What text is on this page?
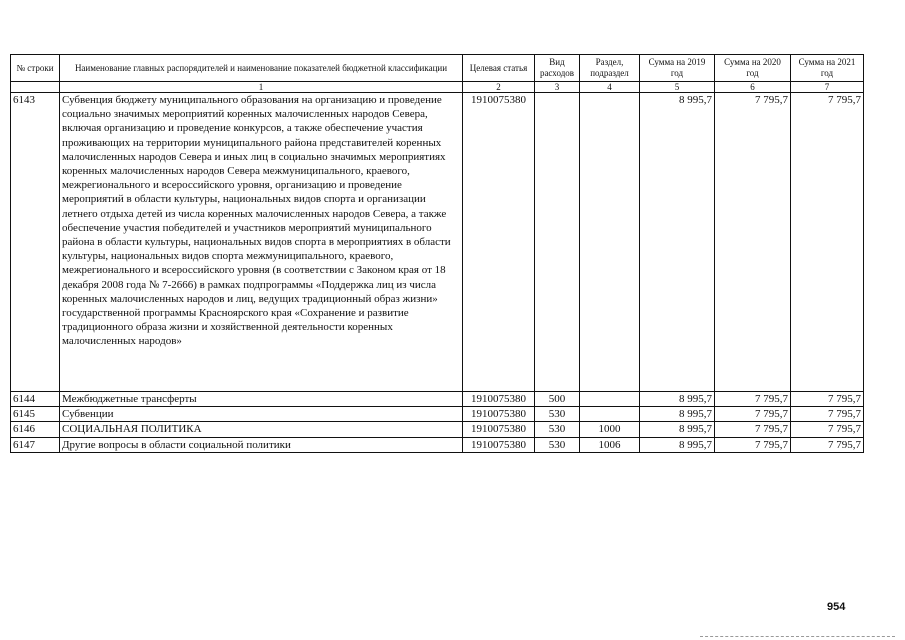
№ строки	Наименование главных распорядителей и наименование показателей бюджетной классификации	Целевая статья	Вид расходов	Раздел, подраздел	Сумма на 2019 год	Сумма на 2020 год	Сумма на 2021 год
	1	2	3	4	5	6	7
6143	Субвенция бюджету муниципального образования на организацию и проведение социально значимых мероприятий коренных малочисленных народов Севера, включая организацию и проведение конкурсов, а также обеспечение участия проживающих на территории муниципального района представителей коренных малочисленных народов Севера и иных лиц в социально значимых мероприятиях коренных малочисленных народов Севера межмуниципального, краевого, межрегионального и всероссийского уровня, организацию и проведение мероприятий в области культуры, национальных видов спорта и организации летнего отдыха детей из числа коренных малочисленных народов Севера, а также обеспечение участия победителей и участников мероприятий муниципального района в области культуры, национальных видов спорта в мероприятиях в области культуры, национальных видов спорта межмуниципального, краевого, межрегионального и всероссийского уровня (в соответствии с Законом края от 18 декабря 2008 года № 7-2666) в рамках подпрограммы «Поддержка лиц из числа коренных малочисленных народов и лиц, ведущих традиционный образ жизни» государственной программы Красноярского края «Сохранение и развитие традиционного образа жизни и хозяйственной деятельности коренных малочисленных народов»	1910075380			8 995,7	7 795,7	7 795,7
6144	Межбюджетные трансферты	1910075380	500		8 995,7	7 795,7	7 795,7
6145	Субвенции	1910075380	530		8 995,7	7 795,7	7 795,7
6146	СОЦИАЛЬНАЯ ПОЛИТИКА	1910075380	530	1000	8 995,7	7 795,7	7 795,7
6147	Другие вопросы в области социальной политики	1910075380	530	1006	8 995,7	7 795,7	7 795,7
954
